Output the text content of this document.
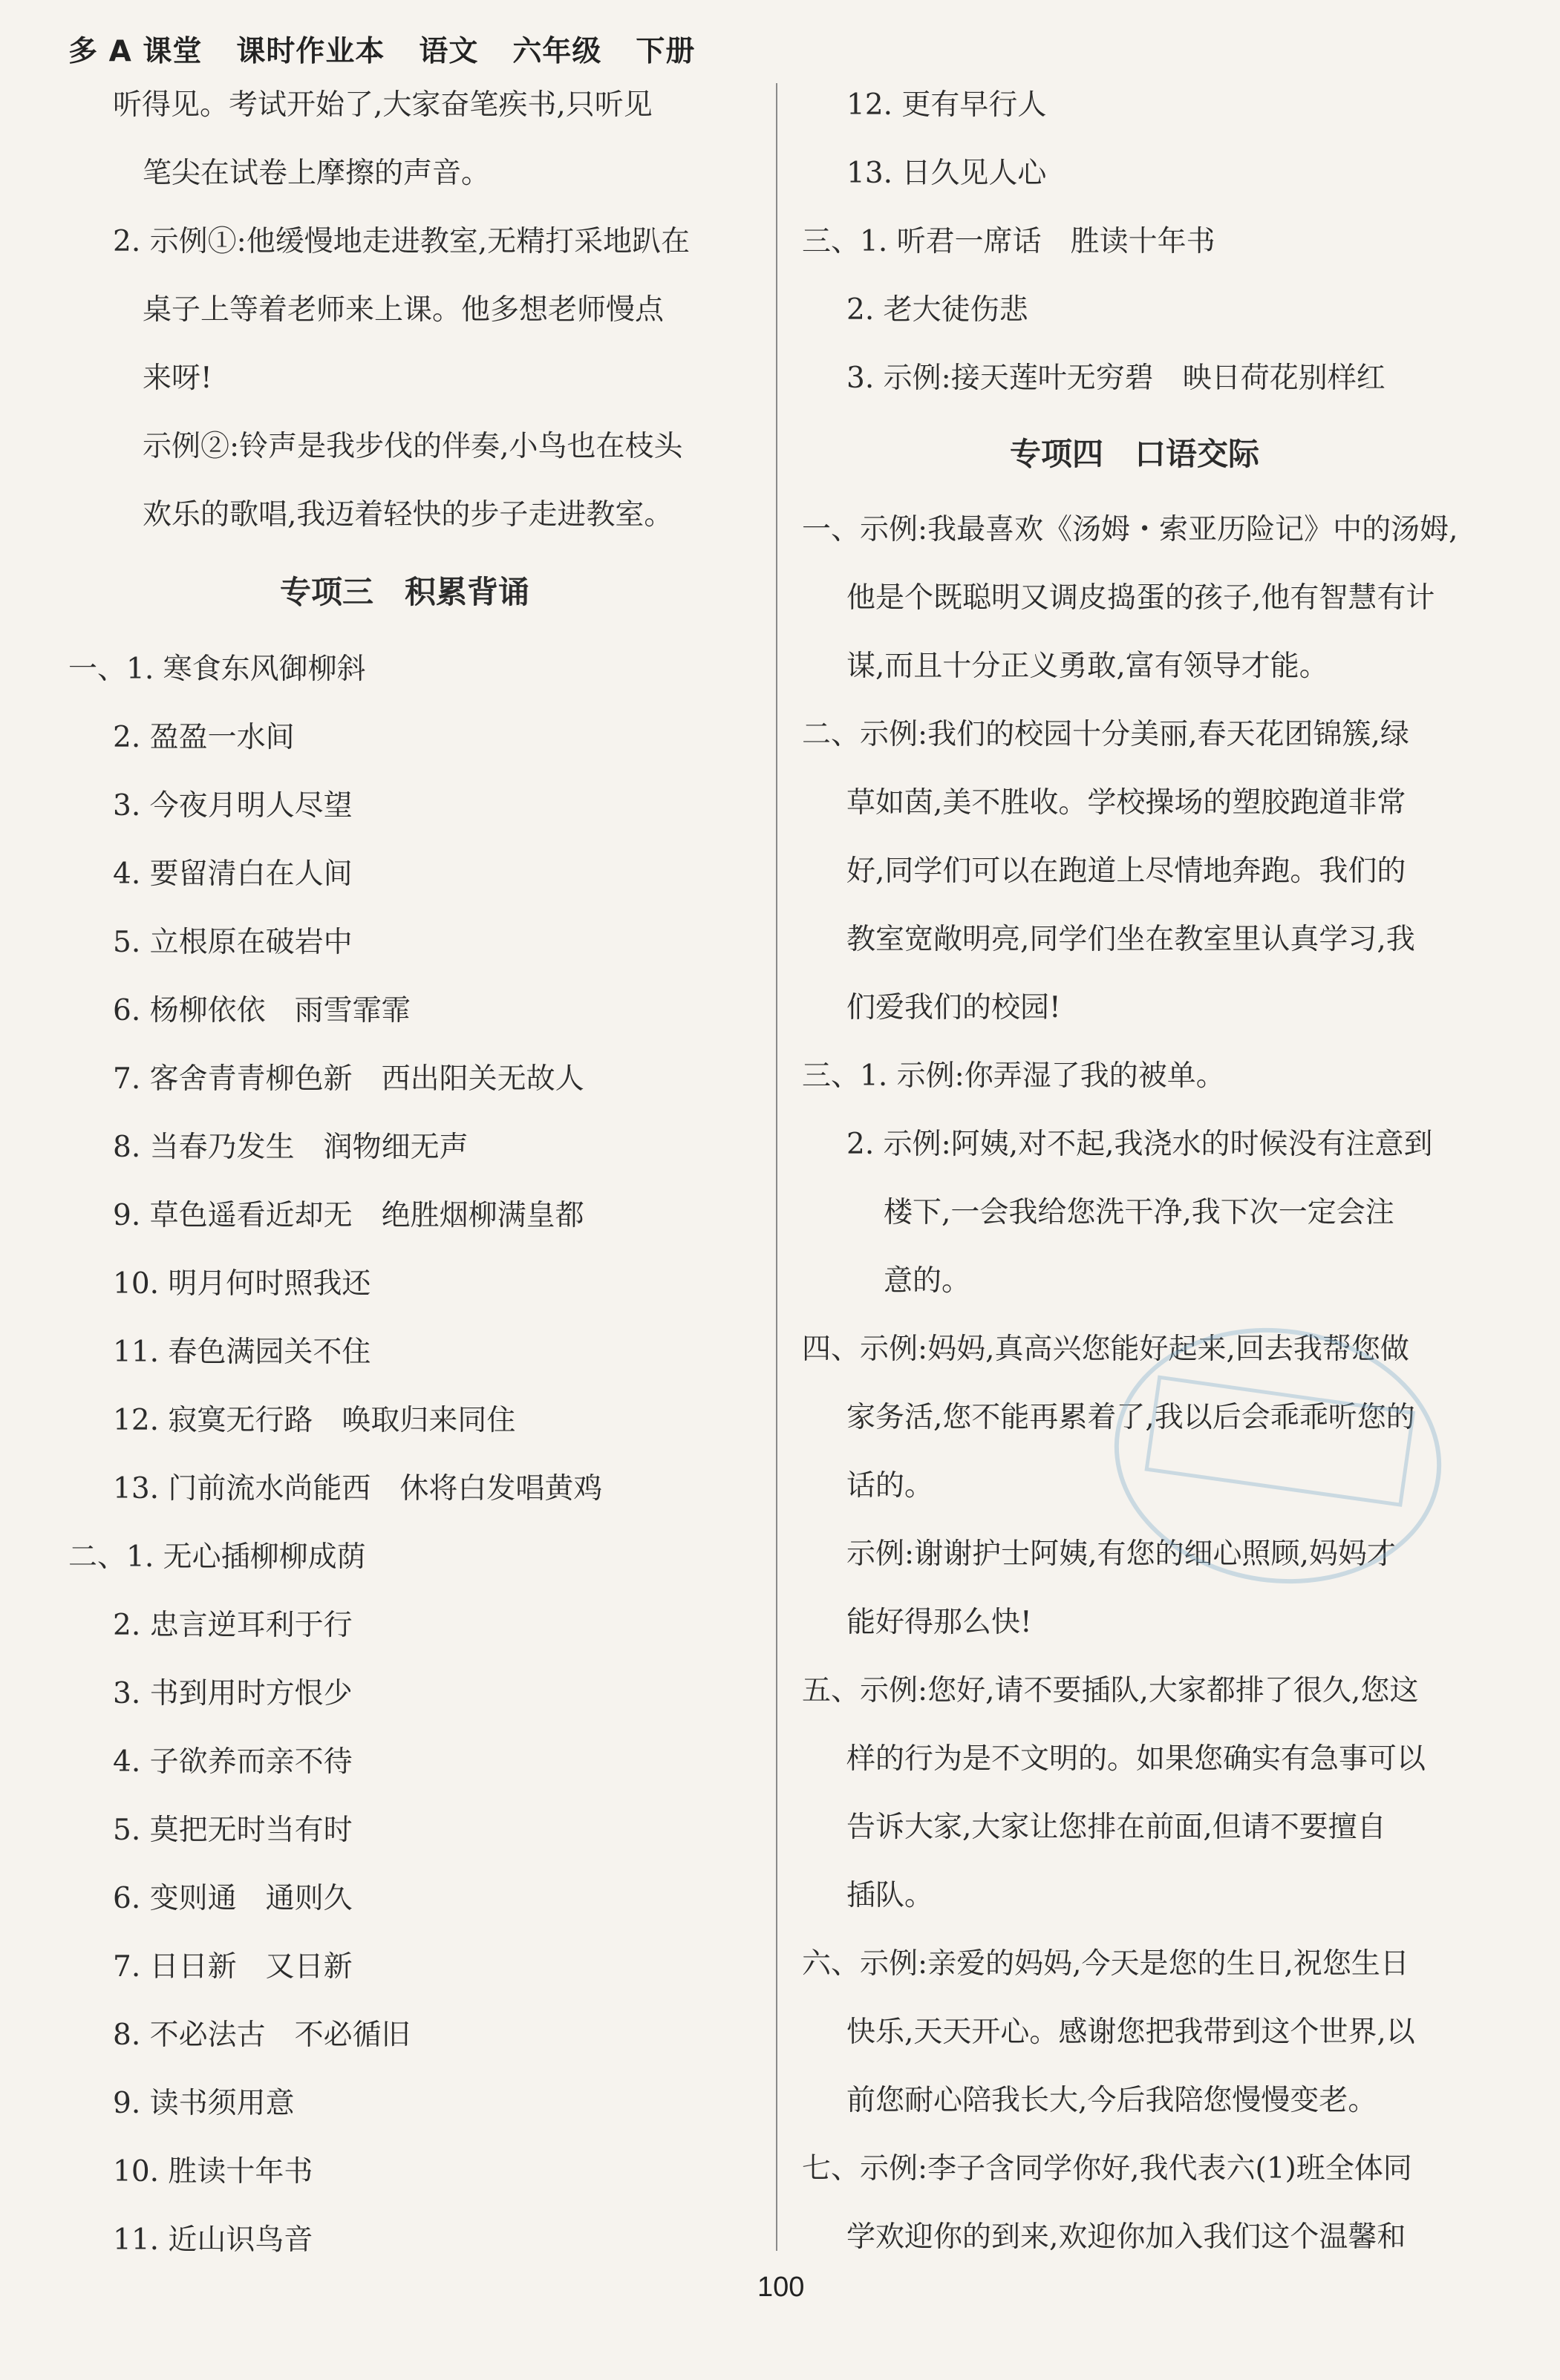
多 A 课堂 课时作业本 语文 六年级 下册
听得见。考试开始了,大家奋笔疾书,只听见
笔尖在试卷上摩擦的声音。
2. 示例①:他缓慢地走进教室,无精打采地趴在
桌子上等着老师来上课。他多想老师慢点
来呀!
示例②:铃声是我步伐的伴奏,小鸟也在枝头
欢乐的歌唱,我迈着轻快的步子走进教室。
专项三　积累背诵
一、1. 寒食东风御柳斜
2. 盈盈一水间
3. 今夜月明人尽望
4. 要留清白在人间
5. 立根原在破岩中
6. 杨柳依依　雨雪霏霏
7. 客舍青青柳色新　西出阳关无故人
8. 当春乃发生　润物细无声
9. 草色遥看近却无　绝胜烟柳满皇都
10. 明月何时照我还
11. 春色满园关不住
12. 寂寞无行路　唤取归来同住
13. 门前流水尚能西　休将白发唱黄鸡
二、1. 无心插柳柳成荫
2. 忠言逆耳利于行
3. 书到用时方恨少
4. 子欲养而亲不待
5. 莫把无时当有时
6. 变则通　通则久
7. 日日新　又日新
8. 不必法古　不必循旧
9. 读书须用意
10. 胜读十年书
11. 近山识鸟音
12. 更有早行人
13. 日久见人心
三、1. 听君一席话　胜读十年书
2. 老大徒伤悲
3. 示例:接天莲叶无穷碧　映日荷花别样红
专项四　口语交际
一、示例:我最喜欢《汤姆・索亚历险记》中的汤姆,
他是个既聪明又调皮捣蛋的孩子,他有智慧有计
谋,而且十分正义勇敢,富有领导才能。
二、示例:我们的校园十分美丽,春天花团锦簇,绿
草如茵,美不胜收。学校操场的塑胶跑道非常
好,同学们可以在跑道上尽情地奔跑。我们的
教室宽敞明亮,同学们坐在教室里认真学习,我
们爱我们的校园!
三、1. 示例:你弄湿了我的被单。
2. 示例:阿姨,对不起,我浇水的时候没有注意到
楼下,一会我给您洗干净,我下次一定会注
意的。
四、示例:妈妈,真高兴您能好起来,回去我帮您做
家务活,您不能再累着了,我以后会乖乖听您的
话的。
示例:谢谢护士阿姨,有您的细心照顾,妈妈才
能好得那么快!
五、示例:您好,请不要插队,大家都排了很久,您这
样的行为是不文明的。如果您确实有急事可以
告诉大家,大家让您排在前面,但请不要擅自
插队。
六、示例:亲爱的妈妈,今天是您的生日,祝您生日
快乐,天天开心。感谢您把我带到这个世界,以
前您耐心陪我长大,今后我陪您慢慢变老。
七、示例:李子含同学你好,我代表六(1)班全体同
学欢迎你的到来,欢迎你加入我们这个温馨和
100
